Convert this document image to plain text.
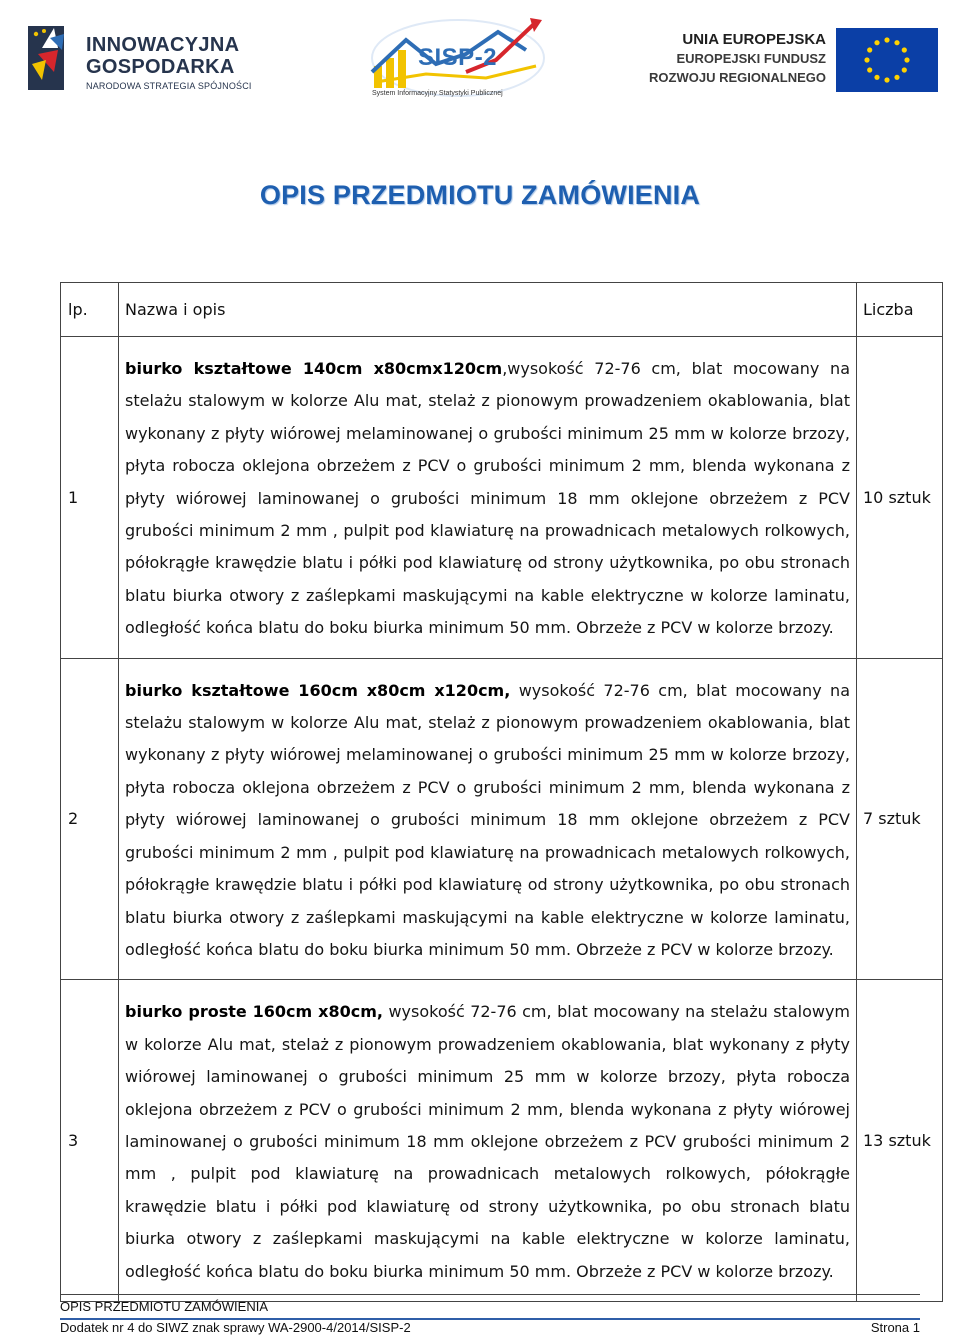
INNOWACYJNA
GOSPODARKA
NARODOWA STRATEGIA SPÓJNOŚCI
SISP-2
System Informacyjny Statystyki Publicznej
UNIA EUROPEJSKA
EUROPEJSKI FUNDUSZ
ROZWOJU REGIONALNEGO
OPIS PRZEDMIOTU ZAMÓWIENIA
lp.	Nazwa i opis	Liczba
1	biurko kształtowe 140cm x80cmx120cm,wysokość 72-76 cm, blat mocowany na stelażu stalowym w kolorze Alu mat, stelaż z pionowym prowadzeniem okablowania, blat wykonany z płyty wiórowej melaminowanej o grubości minimum 25 mm w kolorze brzozy, płyta robocza oklejona obrzeżem z PCV o grubości minimum 2 mm, blenda wykonana z płyty wiórowej laminowanej o grubości minimum 18 mm oklejone obrzeżem z PCV grubości minimum 2 mm , pulpit pod klawiaturę na prowadnicach metalowych rolkowych, półokrągłe krawędzie blatu i półki pod klawiaturę od strony użytkownika, po obu stronach blatu biurka otwory z zaślepkami maskującymi na kable elektryczne w kolorze laminatu, odległość końca blatu do boku biurka minimum 50 mm. Obrzeże z PCV w kolorze brzozy.	10 sztuk
2	biurko kształtowe 160cm x80cm x120cm, wysokość 72-76 cm, blat mocowany na stelażu stalowym w kolorze Alu mat, stelaż z pionowym prowadzeniem okablowania, blat wykonany z płyty wiórowej melaminowanej o grubości minimum 25 mm w kolorze brzozy, płyta robocza oklejona obrzeżem z PCV o grubości minimum 2 mm, blenda wykonana z płyty wiórowej laminowanej o grubości minimum 18 mm oklejone obrzeżem z PCV grubości minimum 2 mm , pulpit pod klawiaturę na prowadnicach metalowych rolkowych, półokrągłe krawędzie blatu i półki pod klawiaturę od strony użytkownika, po obu stronach blatu biurka otwory z zaślepkami maskującymi na kable elektryczne w kolorze laminatu, odległość końca blatu do boku biurka minimum 50 mm. Obrzeże z PCV w kolorze brzozy.	7 sztuk
3	biurko proste 160cm x80cm, wysokość 72-76 cm, blat mocowany na stelażu stalowym w kolorze Alu mat, stelaż z pionowym prowadzeniem okablowania, blat wykonany z płyty wiórowej laminowanej o grubości minimum 25 mm w kolorze brzozy, płyta robocza oklejona obrzeżem z PCV o grubości minimum 2 mm, blenda wykonana z płyty wiórowej laminowanej o grubości minimum 18 mm oklejone obrzeżem z PCV grubości minimum 2 mm , pulpit pod klawiaturę na prowadnicach metalowych rolkowych, półokrągłe krawędzie blatu i półki pod klawiaturę od strony użytkownika, po obu stronach blatu biurka otwory z zaślepkami maskującymi na kable elektryczne w kolorze laminatu, odległość końca blatu do boku biurka minimum 50 mm. Obrzeże z PCV w kolorze brzozy.	13 sztuk
OPIS PRZEDMIOTU ZAMÓWIENIA
Dodatek nr 4 do SIWZ znak sprawy WA-2900-4/2014/SISP-2	Strona 1
